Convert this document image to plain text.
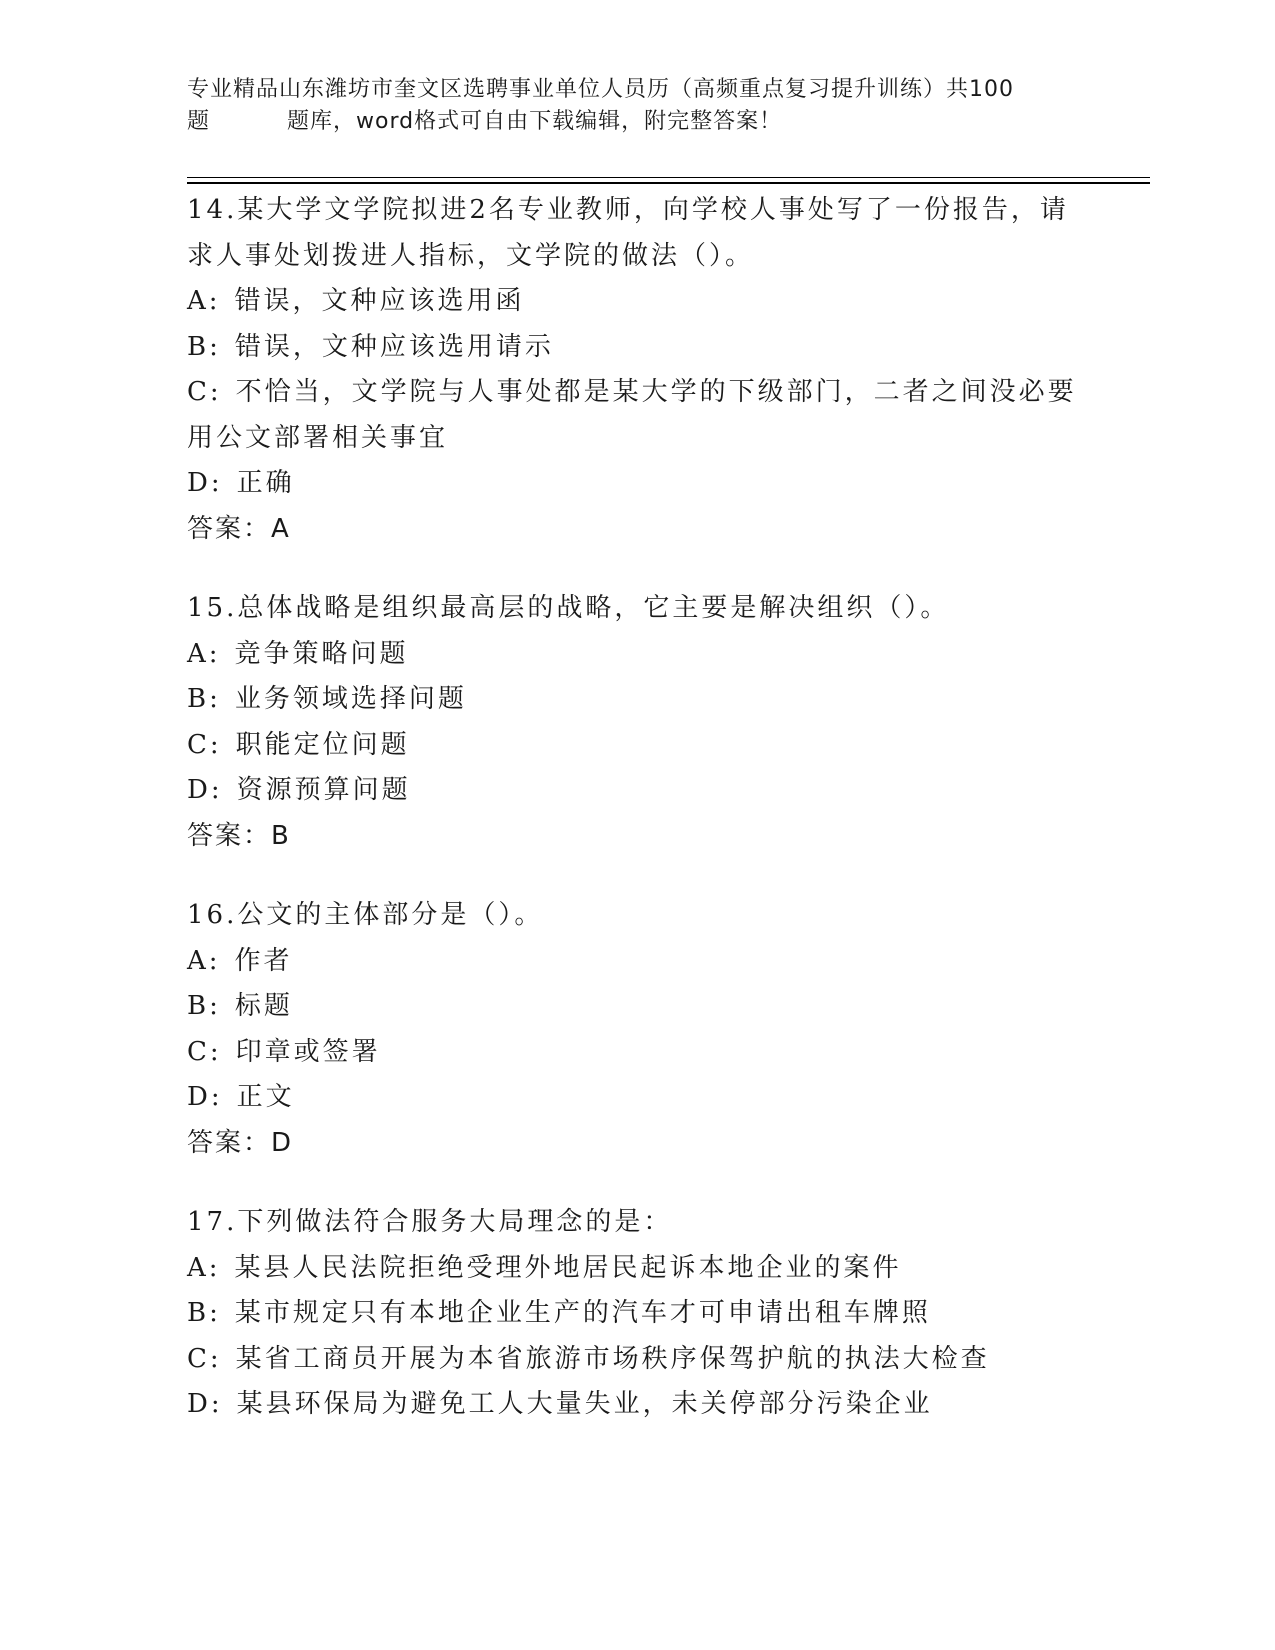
专业精品山东潍坊市奎文区选聘事业单位人员历（高频重点复习提升训练）共100
题	题库，word格式可自由下载编辑，附完整答案！

14.某大学文学院拟进2名专业教师，向学校人事处写了一份报告，请

求人事处划拨进人指标，文学院的做法（）。

A: 错误，文种应该选用函

B: 错误，文种应该选用请示

C: 不恰当，文学院与人事处都是某大学的下级部门，二者之间没必要

用公文部署相关事宜

D: 正确

答案：A

15.总体战略是组织最高层的战略，它主要是解决组织（）。

A: 竞争策略问题

B: 业务领域选择问题

C: 职能定位问题

D: 资源预算问题

答案：B

16.公文的主体部分是（）。

A: 作者

B: 标题

C: 印章或签署

D: 正文

答案：D

17.下列做法符合服务大局理念的是：

A: 某县人民法院拒绝受理外地居民起诉本地企业的案件

B: 某市规定只有本地企业生产的汽车才可申请出租车牌照

C: 某省工商员开展为本省旅游市场秩序保驾护航的执法大检查

D: 某县环保局为避免工人大量失业，未关停部分污染企业
